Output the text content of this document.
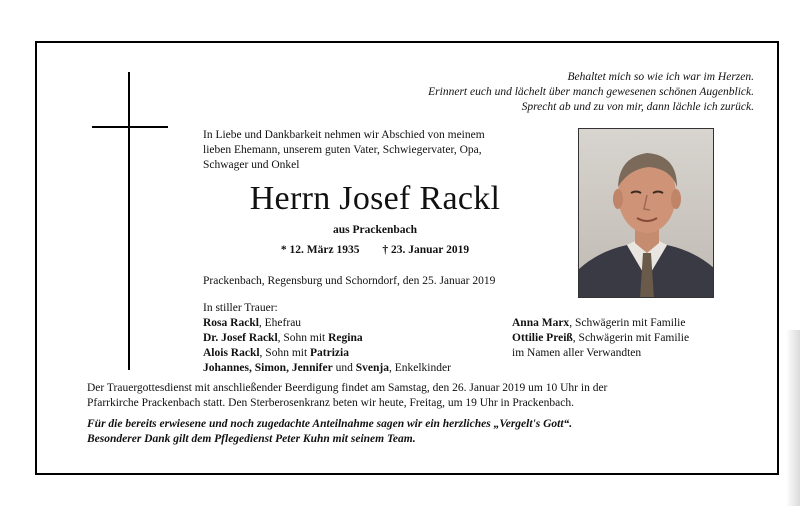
Behaltet mich so wie ich war im Herzen.
Erinnert euch und lächelt über manch gewesenen schönen Augenblick.
Sprecht ab und zu von mir, dann lächle ich zurück.
In Liebe und Dankbarkeit nehmen wir Abschied von meinem
lieben Ehemann, unserem guten Vater, Schwiegervater, Opa,
Schwager und Onkel
Herrn Josef Rackl
aus Prackenbach
* 12. März 1935 † 23. Januar 2019
Prackenbach, Regensburg und Schorndorf, den 25. Januar 2019
In stiller Trauer:
Rosa Rackl, Ehefrau
Dr. Josef Rackl, Sohn mit Regina
Alois Rackl, Sohn mit Patrizia
Johannes, Simon, Jennifer und Svenja, Enkelkinder
Anna Marx, Schwägerin mit Familie
Ottilie Preiß, Schwägerin mit Familie
im Namen aller Verwandten
Der Trauergottesdienst mit anschließender Beerdigung findet am Samstag, den 26. Januar 2019 um 10 Uhr in der
Pfarrkirche Prackenbach statt. Den Sterberosenkranz beten wir heute, Freitag, um 19 Uhr in Prackenbach.
Für die bereits erwiesene und noch zugedachte Anteilnahme sagen wir ein herzliches „Vergelt's Gott“.
Besonderer Dank gilt dem Pflegedienst Peter Kuhn mit seinem Team.
